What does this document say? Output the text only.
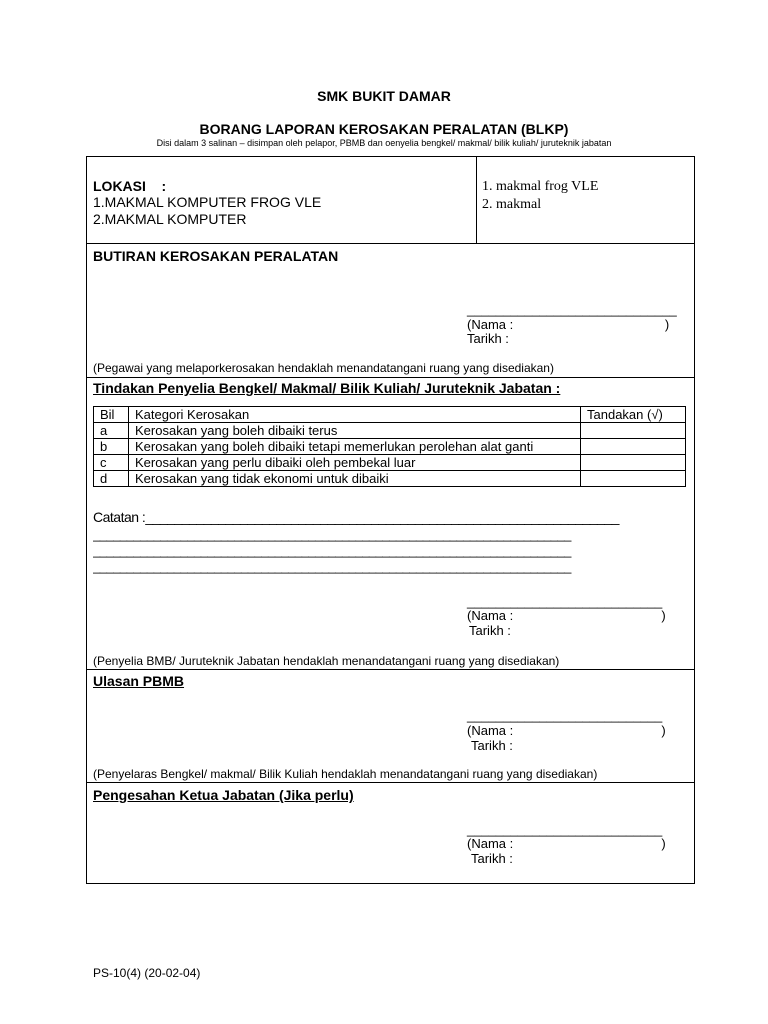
SMK BUKIT DAMAR
BORANG LAPORAN KEROSAKAN PERALATAN (BLKP)
Disi dalam 3 salinan – disimpan oleh pelapor, PBMB dan oenyelia bengkel/ makmal/ bilik kuliah/ juruteknik jabatan
LOKASI    :
1.MAKMAL KOMPUTER FROG VLE
2.MAKMAL KOMPUTER
1. makmal frog VLE
2. makmal
BUTIRAN KEROSAKAN PERALATAN
_____________________________
(Nama :                                          )
Tarikh :
(Pegawai yang melaporkerosakan hendaklah menandatangani ruang yang disediakan)
Tindakan Penyelia Bengkel/ Makmal/ Bilik Kuliah/ Juruteknik Jabatan :
Bil	Kategori Kerosakan	Tandakan (√)
a	Kerosakan yang boleh dibaiki terus	
b	Kerosakan yang boleh dibaiki tetapi memerlukan perolehan alat ganti	
c	Kerosakan yang perlu dibaiki oleh pembekal luar	
d	Kerosakan yang tidak ekonomi untuk dibaiki	
Catatan :_________________________________________________________________
_______________________________________________________________________
_______________________________________________________________________
_______________________________________________________________________
___________________________
(Nama :                                         )
Tarikh :
(Penyelia BMB/ Juruteknik Jabatan hendaklah menandatangani ruang yang disediakan)
Ulasan PBMB
___________________________
(Nama :                                         )
Tarikh :
(Penyelaras Bengkel/ makmal/ Bilik Kuliah hendaklah menandatangani ruang yang disediakan)
Pengesahan Ketua Jabatan (Jika perlu)
___________________________
(Nama :                                         )
Tarikh :
PS-10(4) (20-02-04)
